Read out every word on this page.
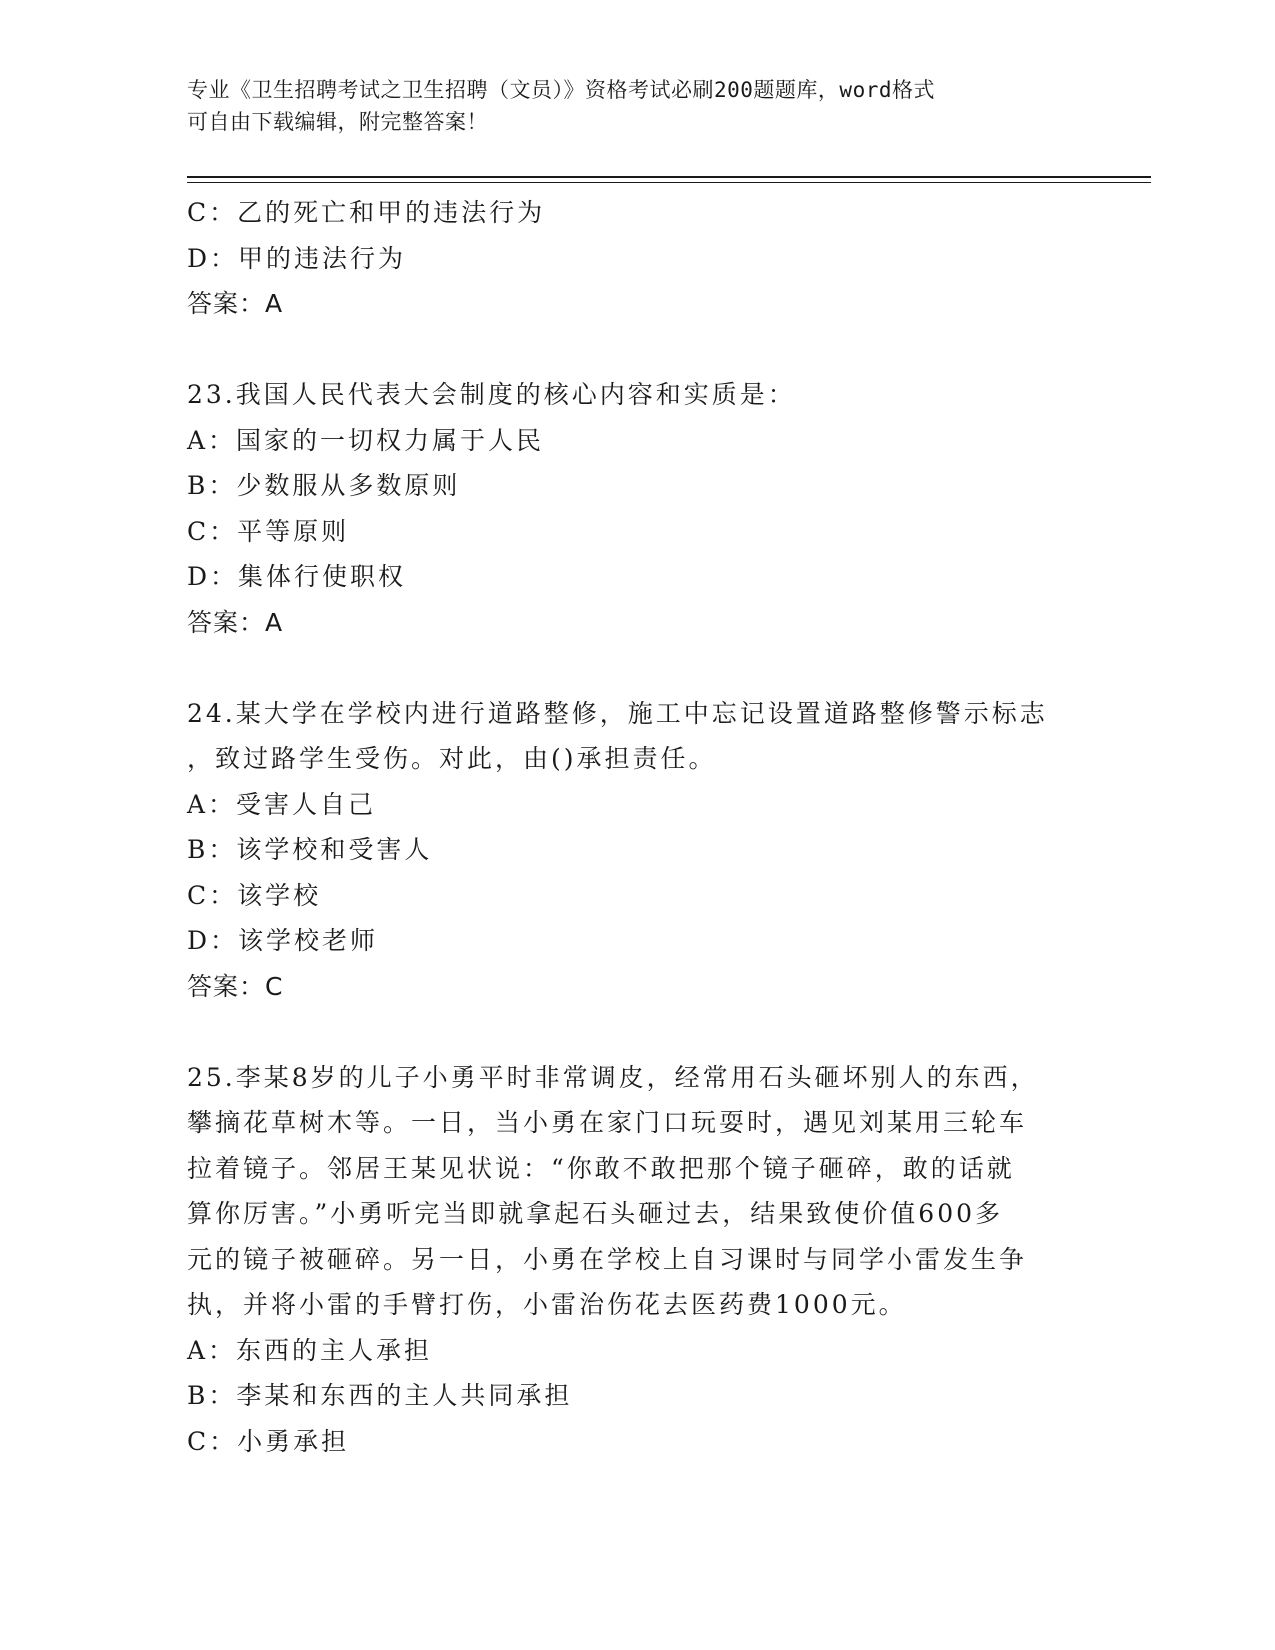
专业《卫生招聘考试之卫生招聘（文员）》资格考试必刷200题题库，word格式
可自由下载编辑，附完整答案！
C：乙的死亡和甲的违法行为
D：甲的违法行为
答案：A
23.我国人民代表大会制度的核心内容和实质是：
A：国家的一切权力属于人民
B：少数服从多数原则
C：平等原则
D：集体行使职权
答案：A
24.某大学在学校内进行道路整修，施工中忘记设置道路整修警示标志
，致过路学生受伤。对此，由()承担责任。
A：受害人自己
B：该学校和受害人
C：该学校
D：该学校老师
答案：C
25.李某8岁的儿子小勇平时非常调皮，经常用石头砸坏别人的东西，
攀摘花草树木等。一日，当小勇在家门口玩耍时，遇见刘某用三轮车
拉着镜子。邻居王某见状说：“你敢不敢把那个镜子砸碎，敢的话就
算你厉害。”小勇听完当即就拿起石头砸过去，结果致使价值600多
元的镜子被砸碎。另一日，小勇在学校上自习课时与同学小雷发生争
执，并将小雷的手臂打伤，小雷治伤花去医药费1000元。
A：东西的主人承担
B：李某和东西的主人共同承担
C：小勇承担
